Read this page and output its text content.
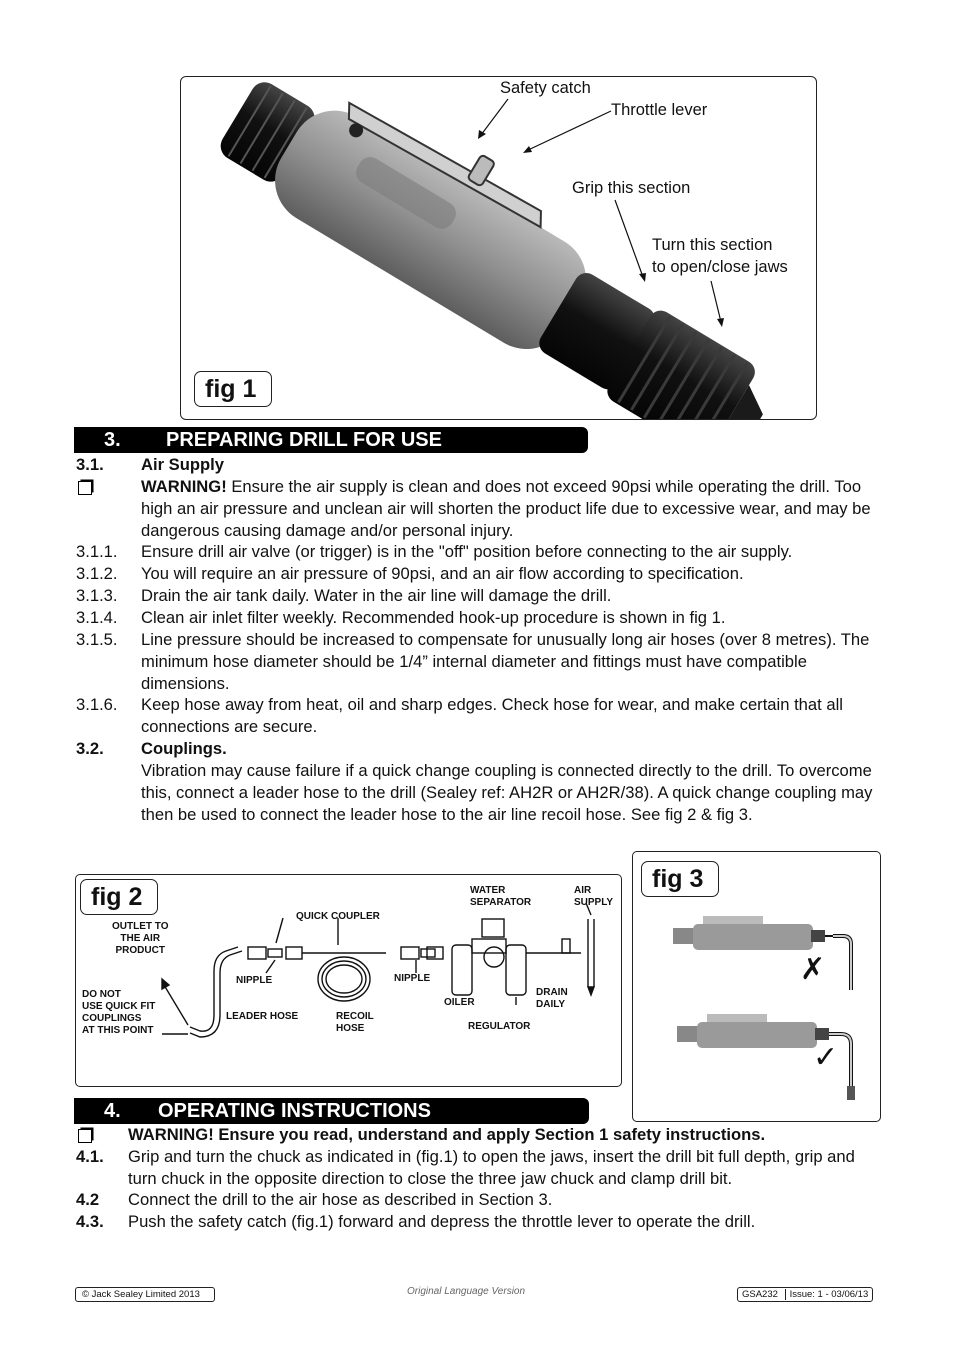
Safety catch
Throttle lever
Grip this section
Turn this section
to open/close jaws
fig 1
3. PREPARING DRILL FOR USE
3.1. Air Supply
WARNING! Ensure the air supply is clean and does not exceed 90psi while operating the drill. Too high an air pressure and unclean air will shorten the product life due to excessive wear, and may be dangerous causing damage and/or personal injury.
3.1.1. Ensure drill air valve (or trigger) is in the "off" position before connecting to the air supply.
3.1.2. You will require an air pressure of 90psi, and an air flow according to specification.
3.1.3. Drain the air tank daily. Water in the air line will damage the drill.
3.1.4. Clean air inlet filter weekly. Recommended hook-up procedure is shown in fig 1.
3.1.5. Line pressure should be increased to compensate for unusually long air hoses (over 8 metres). The minimum hose diameter should be 1/4” internal diameter and fittings must have compatible dimensions.
3.1.6. Keep hose away from heat, oil and sharp edges. Check hose for wear, and make certain that all connections are secure.
3.2. Couplings.
Vibration may cause failure if a quick change coupling is connected directly to the drill. To overcome this, connect a leader hose to the drill (Sealey ref: AH2R or AH2R/38). A quick change coupling may then be used to connect the leader hose to the air line recoil hose. See fig 2 & fig 3.
OUTLET TO
THE AIR
PRODUCT
DO NOT
USE QUICK FIT
COUPLINGS
AT THIS POINT
QUICK COUPLER
NIPPLE	NIPPLE
LEADER HOSE	RECOIL
HOSE
WATER
SEPARATOR
AIR
SUPPLY
OILER
DRAIN
DAILY
REGULATOR
fig 2
✗
✓
fig 3
4. OPERATING INSTRUCTIONS
WARNING! Ensure you read, understand and apply Section 1 safety instructions.
4.1. Grip and turn the chuck as indicated in (fig.1) to open the jaws, insert the drill bit full depth, grip and turn chuck in the opposite direction to close the three jaw chuck and clamp drill bit.
4.2 Connect the drill to the air hose as described in Section 3.
4.3. Push the safety catch (fig.1) forward and depress the throttle lever to operate the drill.
© Jack Sealey Limited 2013	Original Language Version	GSA232 Issue: 1 - 03/06/13
